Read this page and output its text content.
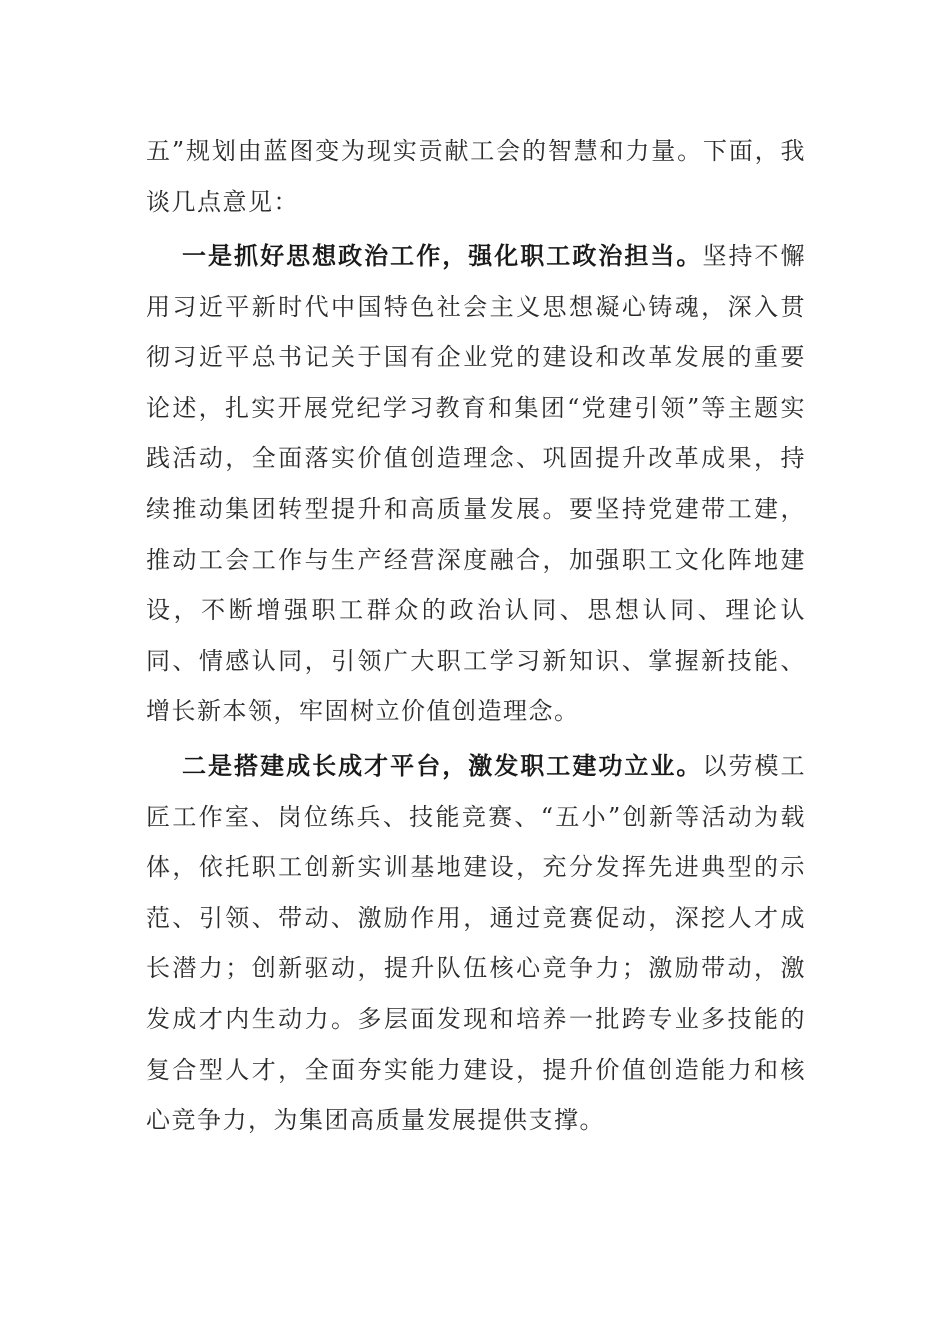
五”规划由蓝图变为现实贡献工会的智慧和力量。下面，我谈几点意见：

一是抓好思想政治工作，强化职工政治担当。坚持不懈用习近平新时代中国特色社会主义思想凝心铸魂，深入贯彻习近平总书记关于国有企业党的建设和改革发展的重要论述，扎实开展党纪学习教育和集团“党建引领”等主题实践活动，全面落实价值创造理念、巩固提升改革成果，持续推动集团转型提升和高质量发展。要坚持党建带工建，推动工会工作与生产经营深度融合，加强职工文化阵地建设，不断增强职工群众的政治认同、思想认同、理论认同、情感认同，引领广大职工学习新知识、掌握新技能、增长新本领，牢固树立价值创造理念。

二是搭建成长成才平台，激发职工建功立业。以劳模工匠工作室、岗位练兵、技能竞赛、“五小”创新等活动为载体，依托职工创新实训基地建设，充分发挥先进典型的示范、引领、带动、激励作用，通过竞赛促动，深挖人才成长潜力；创新驱动，提升队伍核心竞争力；激励带动，激发成才内生动力。多层面发现和培养一批跨专业多技能的复合型人才，全面夯实能力建设，提升价值创造能力和核心竞争力，为集团高质量发展提供支撑。
